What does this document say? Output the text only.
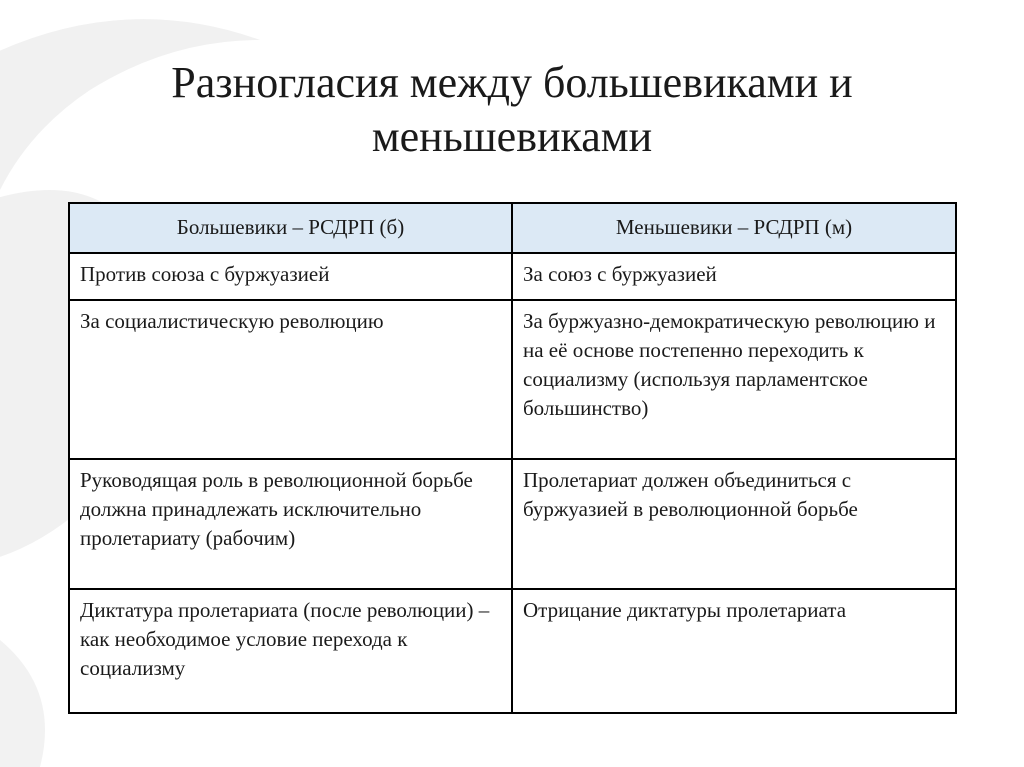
Разногласия между большевиками и
меньшевиками
Большевики – РСДРП (б)	Меньшевики – РСДРП (м)
Против союза с буржуазией	За союз с буржуазией
За социалистическую революцию	За буржуазно-демократическую революцию и на её основе постепенно переходить к социализму (используя парламентское большинство)
Руководящая роль в революционной борьбе должна принадлежать исключительно пролетариату (рабочим)	Пролетариат должен объединиться с буржуазией в революционной борьбе
Диктатура пролетариата (после революции) – как необходимое условие перехода к социализму	Отрицание диктатуры пролетариата
